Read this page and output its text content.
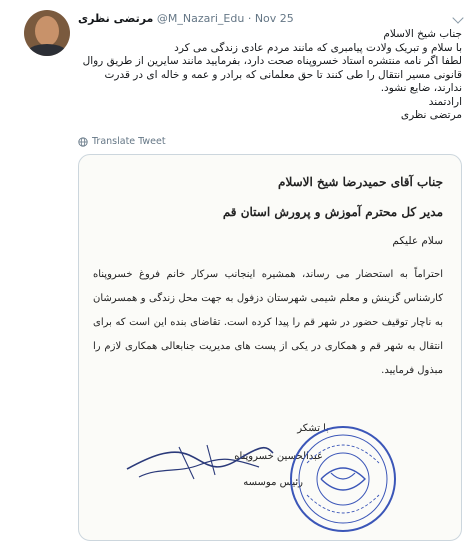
مرتضی نظری @M_Nazari_Edu · Nov 25

جناب شیخ الاسلام

با سلام و تبریک ولادت پیامبری که مانند مردم عادی زندگی می کرد

لطفا اگر نامه منتشره استاد خسروپناه صحت دارد، بفرمایید مانند سایرین از طریق روال قانونی مسیر انتقال را طی کنند تا حق معلمانی که برادر و عمه و خاله ای در قدرت ندارند، ضایع نشود.

ارادتمند

مرتضی نظری

Translate Tweet
جناب آقای حمیدرضا شیخ الاسلام
مدیر کل محترم آموزش و پرورش استان قم
سلام علیکم
احتراماً به استحضار می رساند، همشیره اینجانب سرکار خانم فروغ خسروپناه کارشناس گزینش و معلم شیمی شهرستان دزفول به جهت محل زندگی و همسرشان به ناچار توقیف حضور در شهر قم را پیدا کرده است. تقاضای بنده این است که برای انتقال به شهر قم و همکاری در یکی از پست های مدیریت جنابعالی همکاری لازم را مبذول فرمایید.
با تشکر
عبدالحسین خسروپناه
رئیس موسسه
